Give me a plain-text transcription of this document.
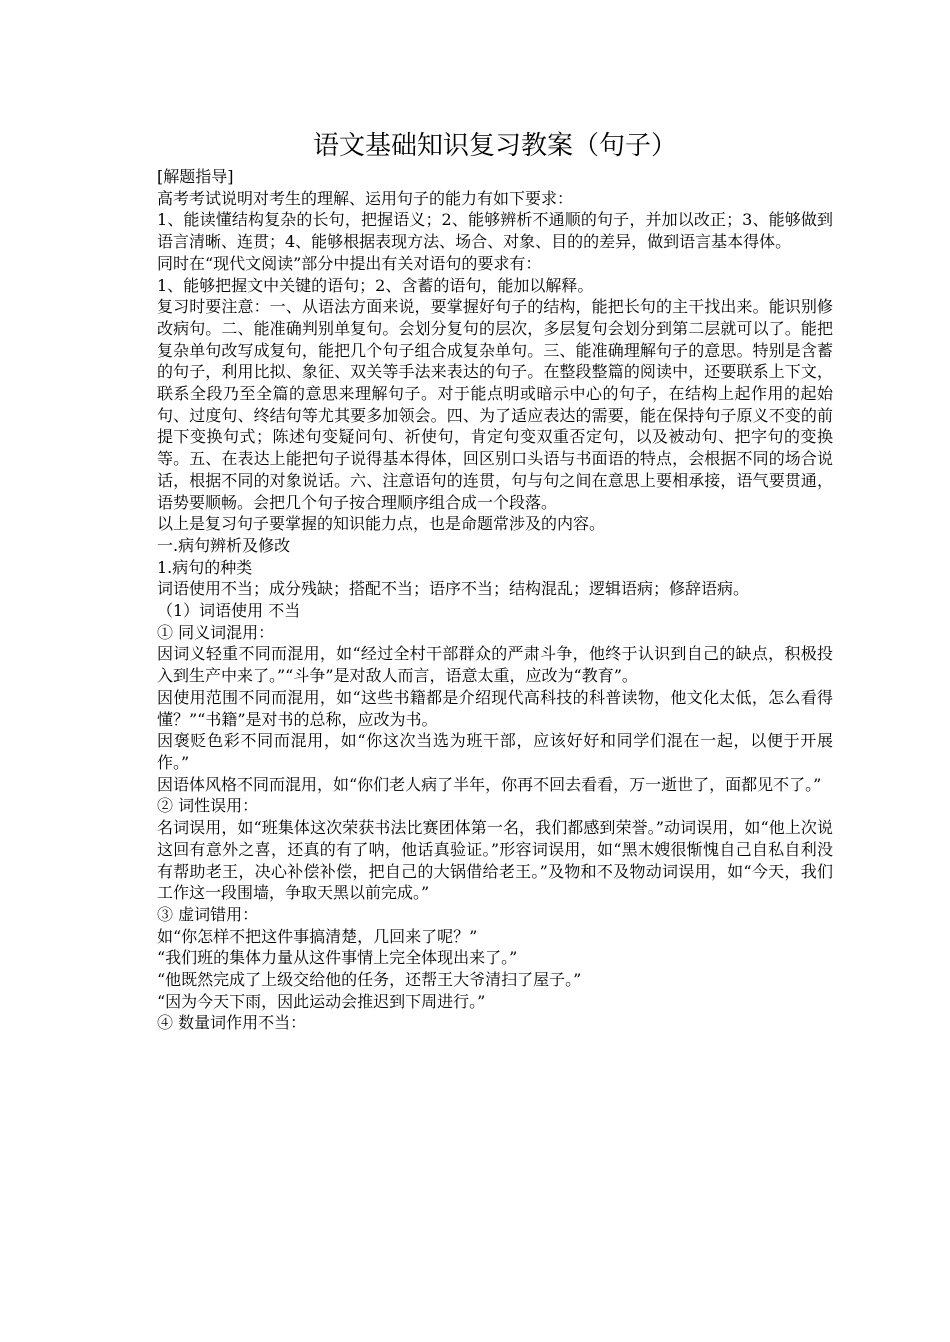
语文基础知识复习教案（句子）

[解题指导]

高考考试说明对考生的理解、运用句子的能力有如下要求：

1、能读懂结构复杂的长句，把握语义；2、能够辨析不通顺的句子，并加以改正；3、能够做到语言清晰、连贯；4、能够根据表现方法、场合、对象、目的的差异，做到语言基本得体。

同时在“现代文阅读”部分中提出有关对语句的要求有：

1、能够把握文中关键的语句；2、含蓄的语句，能加以解释。

复习时要注意：一、从语法方面来说，要掌握好句子的结构，能把长句的主干找出来。能识别修改病句。二、能准确判别单复句。会划分复句的层次，多层复句会划分到第二层就可以了。能把复杂单句改写成复句，能把几个句子组合成复杂单句。三、能准确理解句子的意思。特别是含蓄的句子，利用比拟、象征、双关等手法来表达的句子。在整段整篇的阅读中，还要联系上下文，联系全段乃至全篇的意思来理解句子。对于能点明或暗示中心的句子，在结构上起作用的起始句、过度句、终结句等尤其要多加领会。四、为了适应表达的需要，能在保持句子原义不变的前提下变换句式；陈述句变疑问句、祈使句，肯定句变双重否定句，以及被动句、把字句的变换等。五、在表达上能把句子说得基本得体，回区别口头语与书面语的特点，会根据不同的场合说话，根据不同的对象说话。六、注意语句的连贯，句与句之间在意思上要相承接，语气要贯通，语势要顺畅。会把几个句子按合理顺序组合成一个段落。

以上是复习句子要掌握的知识能力点，也是命题常涉及的内容。

一.病句辨析及修改

1.病句的种类

词语使用不当；成分残缺；搭配不当；语序不当；结构混乱；逻辑语病；修辞语病。

（1）词语使用 不当

① 同义词混用：

因词义轻重不同而混用，如“经过全村干部群众的严肃斗争，他终于认识到自己的缺点，积极投入到生产中来了。”“斗争”是对敌人而言，语意太重，应改为“教育”。

因使用范围不同而混用，如“这些书籍都是介绍现代高科技的科普读物，他文化太低，怎么看得懂？”“书籍”是对书的总称，应改为书。

因褒贬色彩不同而混用，如“你这次当选为班干部，应该好好和同学们混在一起，以便于开展作。”

因语体风格不同而混用，如“你们老人病了半年，你再不回去看看，万一逝世了，面都见不了。”

② 词性误用：

名词误用，如“班集体这次荣获书法比赛团体第一名，我们都感到荣誉。”动词误用，如“他上次说这回有意外之喜，还真的有了呐，他话真验证。”形容词误用，如“黑木嫂很惭愧自己自私自利没有帮助老王，决心补偿补偿，把自己的大锅借给老王。”及物和不及物动词误用，如“今天，我们工作这一段围墙，争取天黑以前完成。”

③ 虚词错用：

如“你怎样不把这件事搞清楚，几回来了呢？”

“我们班的集体力量从这件事情上完全体现出来了。”

“他既然完成了上级交给他的任务，还帮王大爷清扫了屋子。”

“因为今天下雨，因此运动会推迟到下周进行。”

④ 数量词作用不当：
